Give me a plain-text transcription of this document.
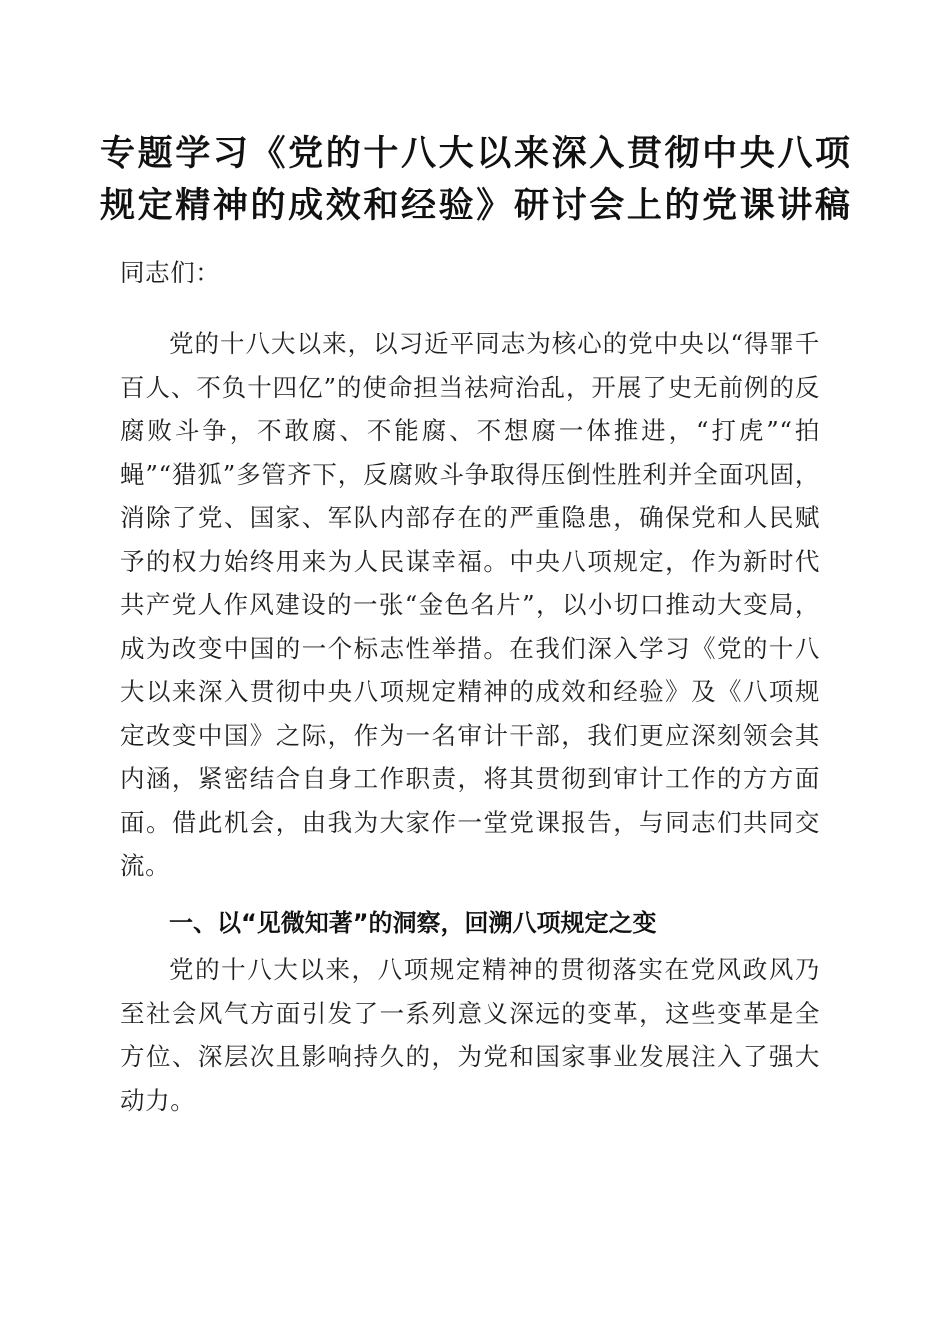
专题学习《党的十八大以来深入贯彻中央八项
规定精神的成效和经验》研讨会上的党课讲稿

同志们：

党的十八大以来，以习近平同志为核心的党中央以“得罪千百人、不负十四亿”的使命担当祛疴治乱，开展了史无前例的反腐败斗争，不敢腐、不能腐、不想腐一体推进，“打虎”“拍蝇”“猎狐”多管齐下，反腐败斗争取得压倒性胜利并全面巩固，消除了党、国家、军队内部存在的严重隐患，确保党和人民赋予的权力始终用来为人民谋幸福。中央八项规定，作为新时代共产党人作风建设的一张“金色名片”，以小切口推动大变局，成为改变中国的一个标志性举措。在我们深入学习《党的十八大以来深入贯彻中央八项规定精神的成效和经验》及《八项规定改变中国》之际，作为一名审计干部，我们更应深刻领会其内涵，紧密结合自身工作职责，将其贯彻到审计工作的方方面面。借此机会，由我为大家作一堂党课报告，与同志们共同交流。

一、以“见微知著”的洞察，回溯八项规定之变

党的十八大以来，八项规定精神的贯彻落实在党风政风乃至社会风气方面引发了一系列意义深远的变革，这些变革是全方位、深层次且影响持久的，为党和国家事业发展注入了强大动力。
